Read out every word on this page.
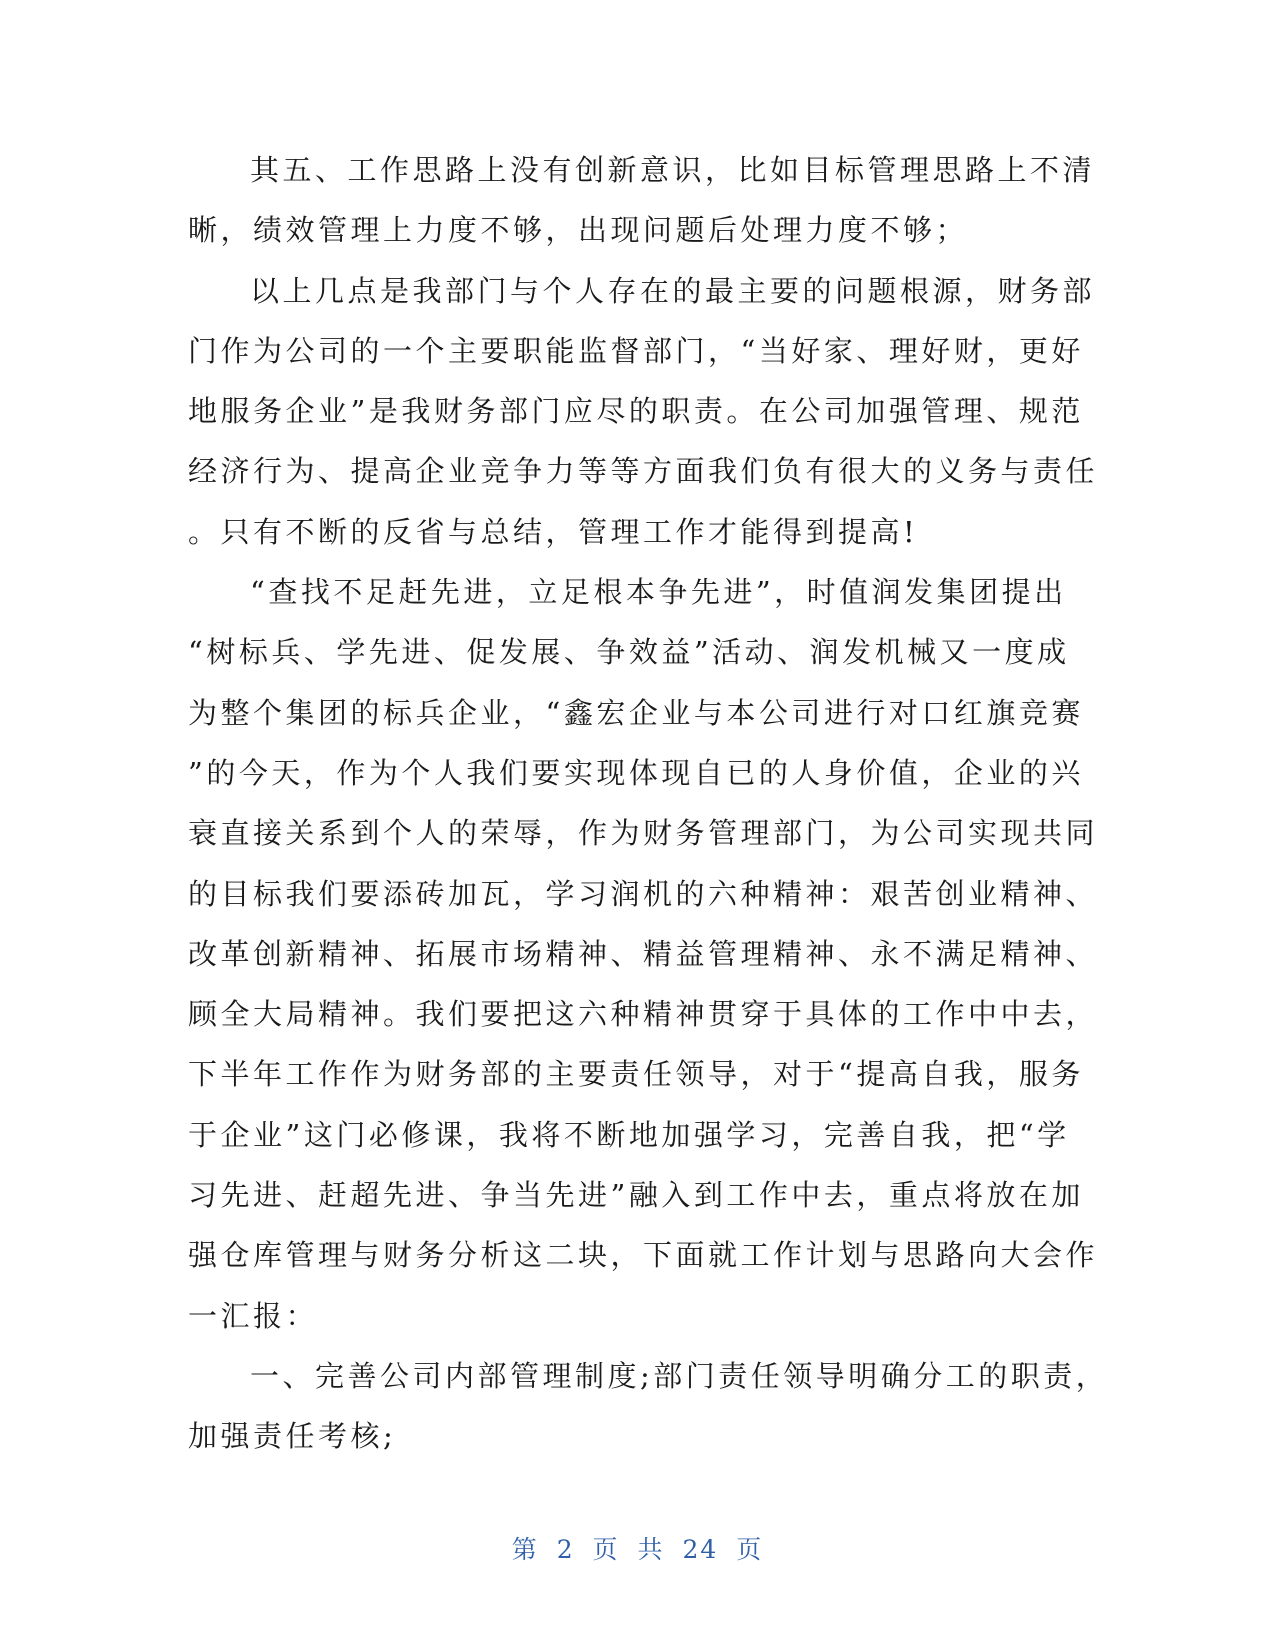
其五、工作思路上没有创新意识，比如目标管理思路上不清
晰，绩效管理上力度不够，出现问题后处理力度不够；
以上几点是我部门与个人存在的最主要的问题根源，财务部
门作为公司的一个主要职能监督部门，“当好家、理好财，更好
地服务企业”是我财务部门应尽的职责。在公司加强管理、规范
经济行为、提高企业竞争力等等方面我们负有很大的义务与责任
。只有不断的反省与总结，管理工作才能得到提高!
“查找不足赶先进，立足根本争先进”，时值润发集团提出
“树标兵、学先进、促发展、争效益”活动、润发机械又一度成
为整个集团的标兵企业，“鑫宏企业与本公司进行对口红旗竞赛
”的今天，作为个人我们要实现体现自已的人身价值，企业的兴
衰直接关系到个人的荣辱，作为财务管理部门，为公司实现共同
的目标我们要添砖加瓦，学习润机的六种精神：艰苦创业精神、
改革创新精神、拓展市场精神、精益管理精神、永不满足精神、
顾全大局精神。我们要把这六种精神贯穿于具体的工作中中去，
下半年工作作为财务部的主要责任领导，对于“提高自我，服务
于企业”这门必修课，我将不断地加强学习，完善自我，把“学
习先进、赶超先进、争当先进”融入到工作中去，重点将放在加
强仓库管理与财务分析这二块，下面就工作计划与思路向大会作
一汇报：
一、完善公司内部管理制度;部门责任领导明确分工的职责，
加强责任考核;
第 2 页 共 24 页
